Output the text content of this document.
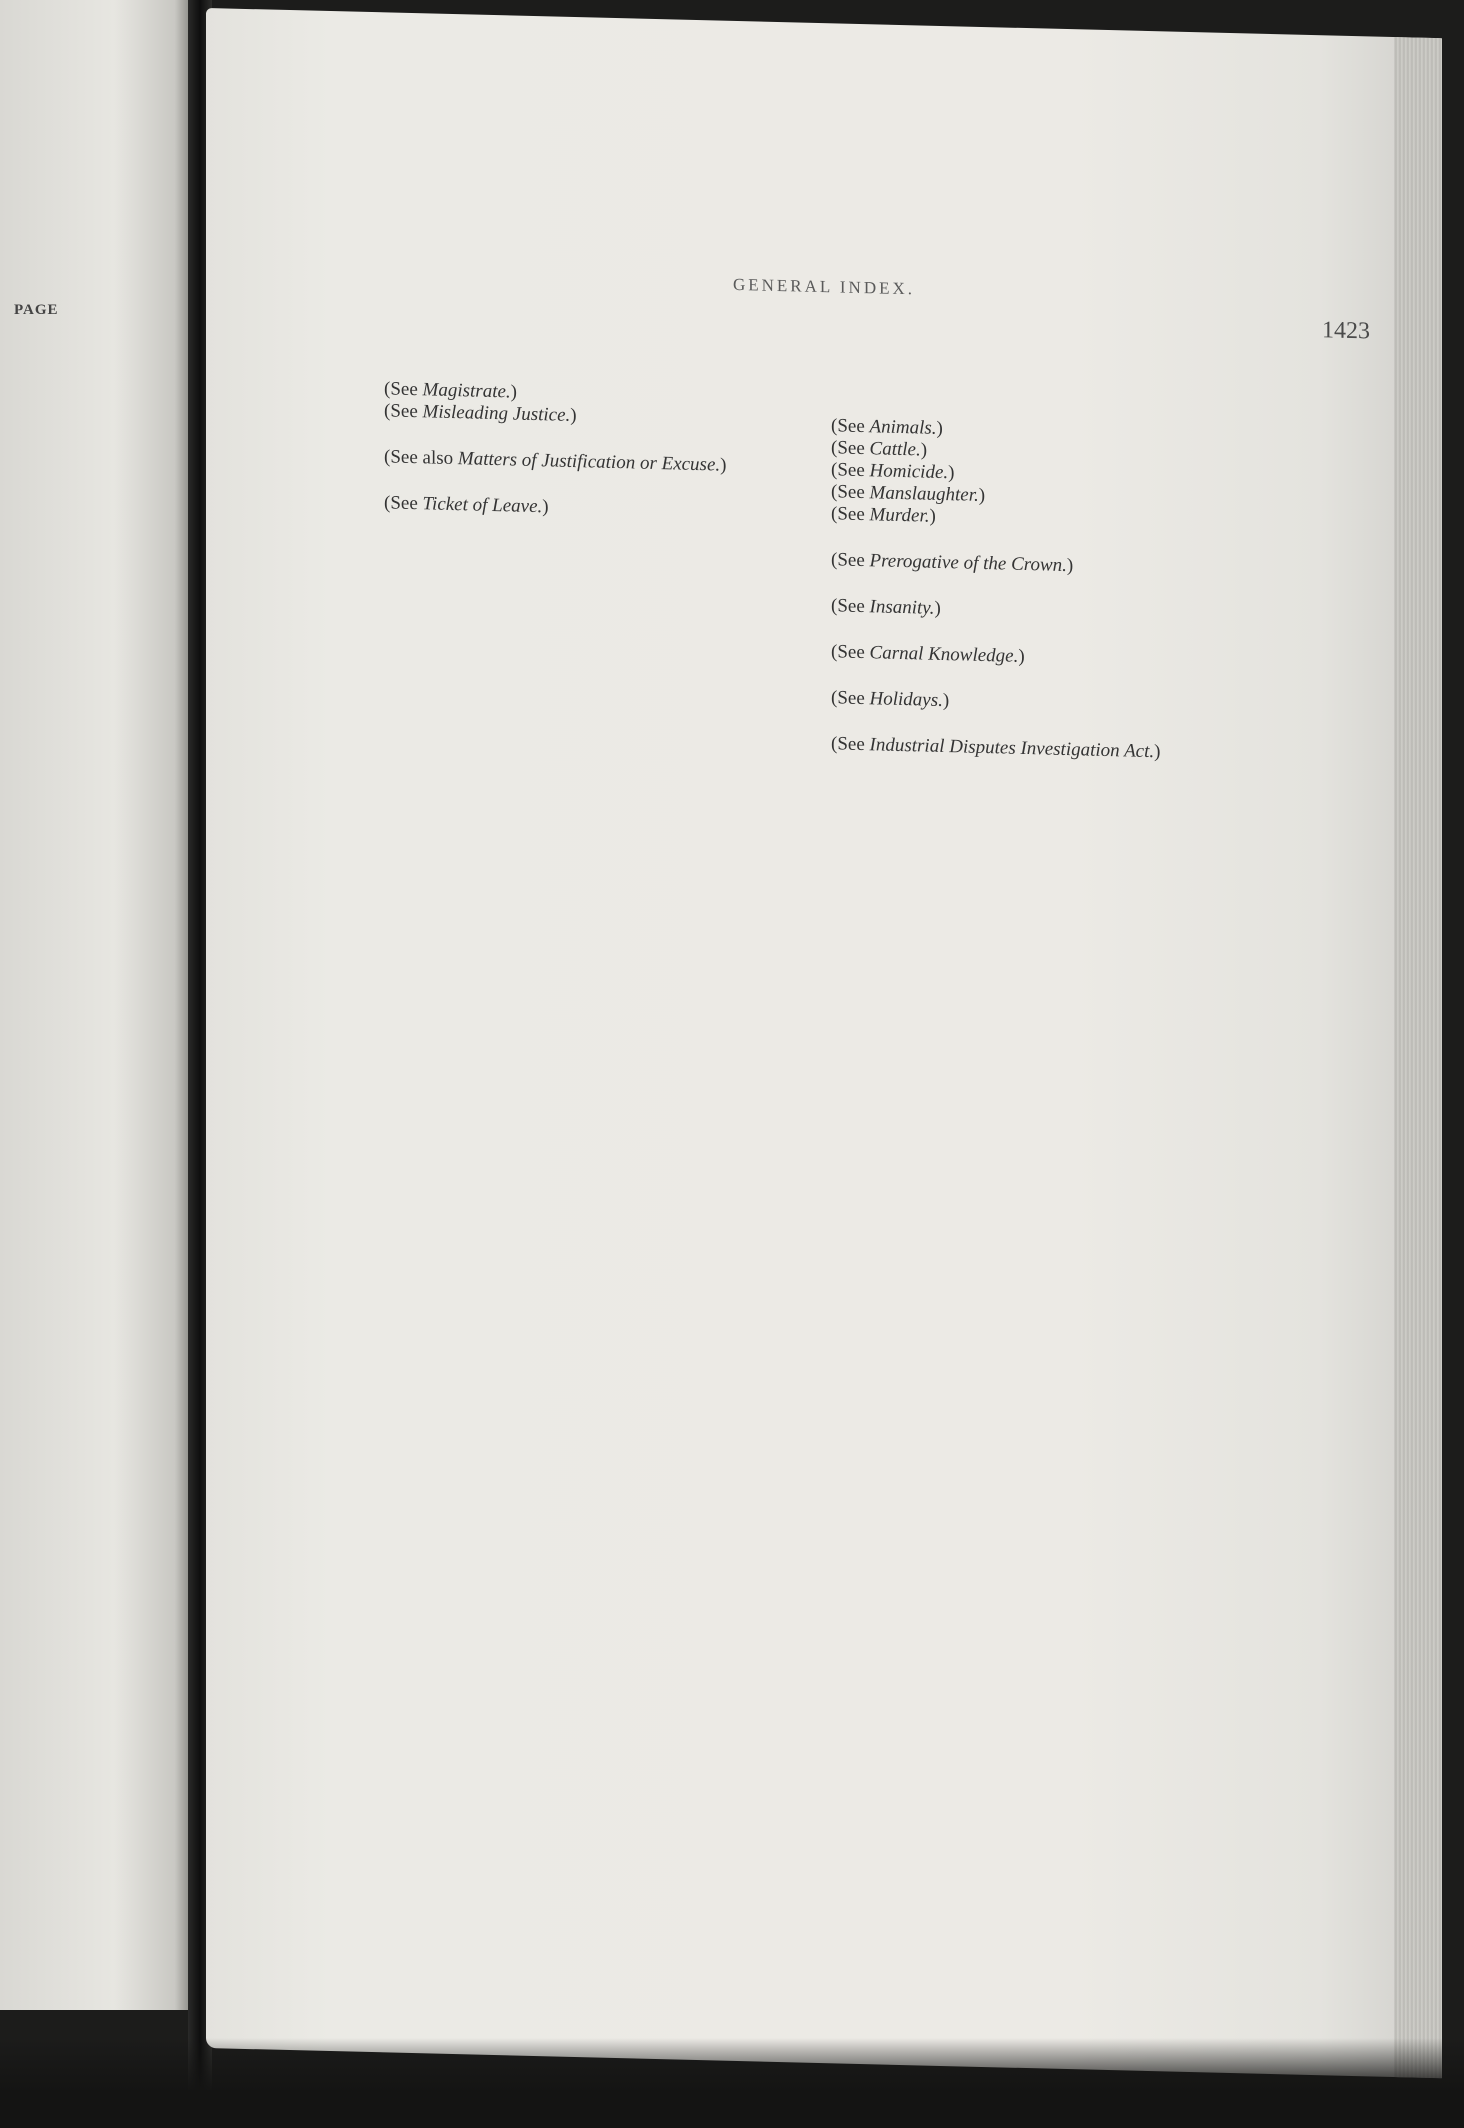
PAGE
GENERAL INDEX.
1423
(See Magistrate.)
(See Misleading Justice.)
(See also Matters of Justification or Excuse.)
(See Ticket of Leave.)
(See Animals.)
(See Cattle.)
(See Homicide.)
(See Manslaughter.)
(See Murder.)
(See Prerogative of the Crown.)
(See Insanity.)
(See Carnal Knowledge.)
(See Holidays.)
(See Industrial Disputes Investigation Act.)
